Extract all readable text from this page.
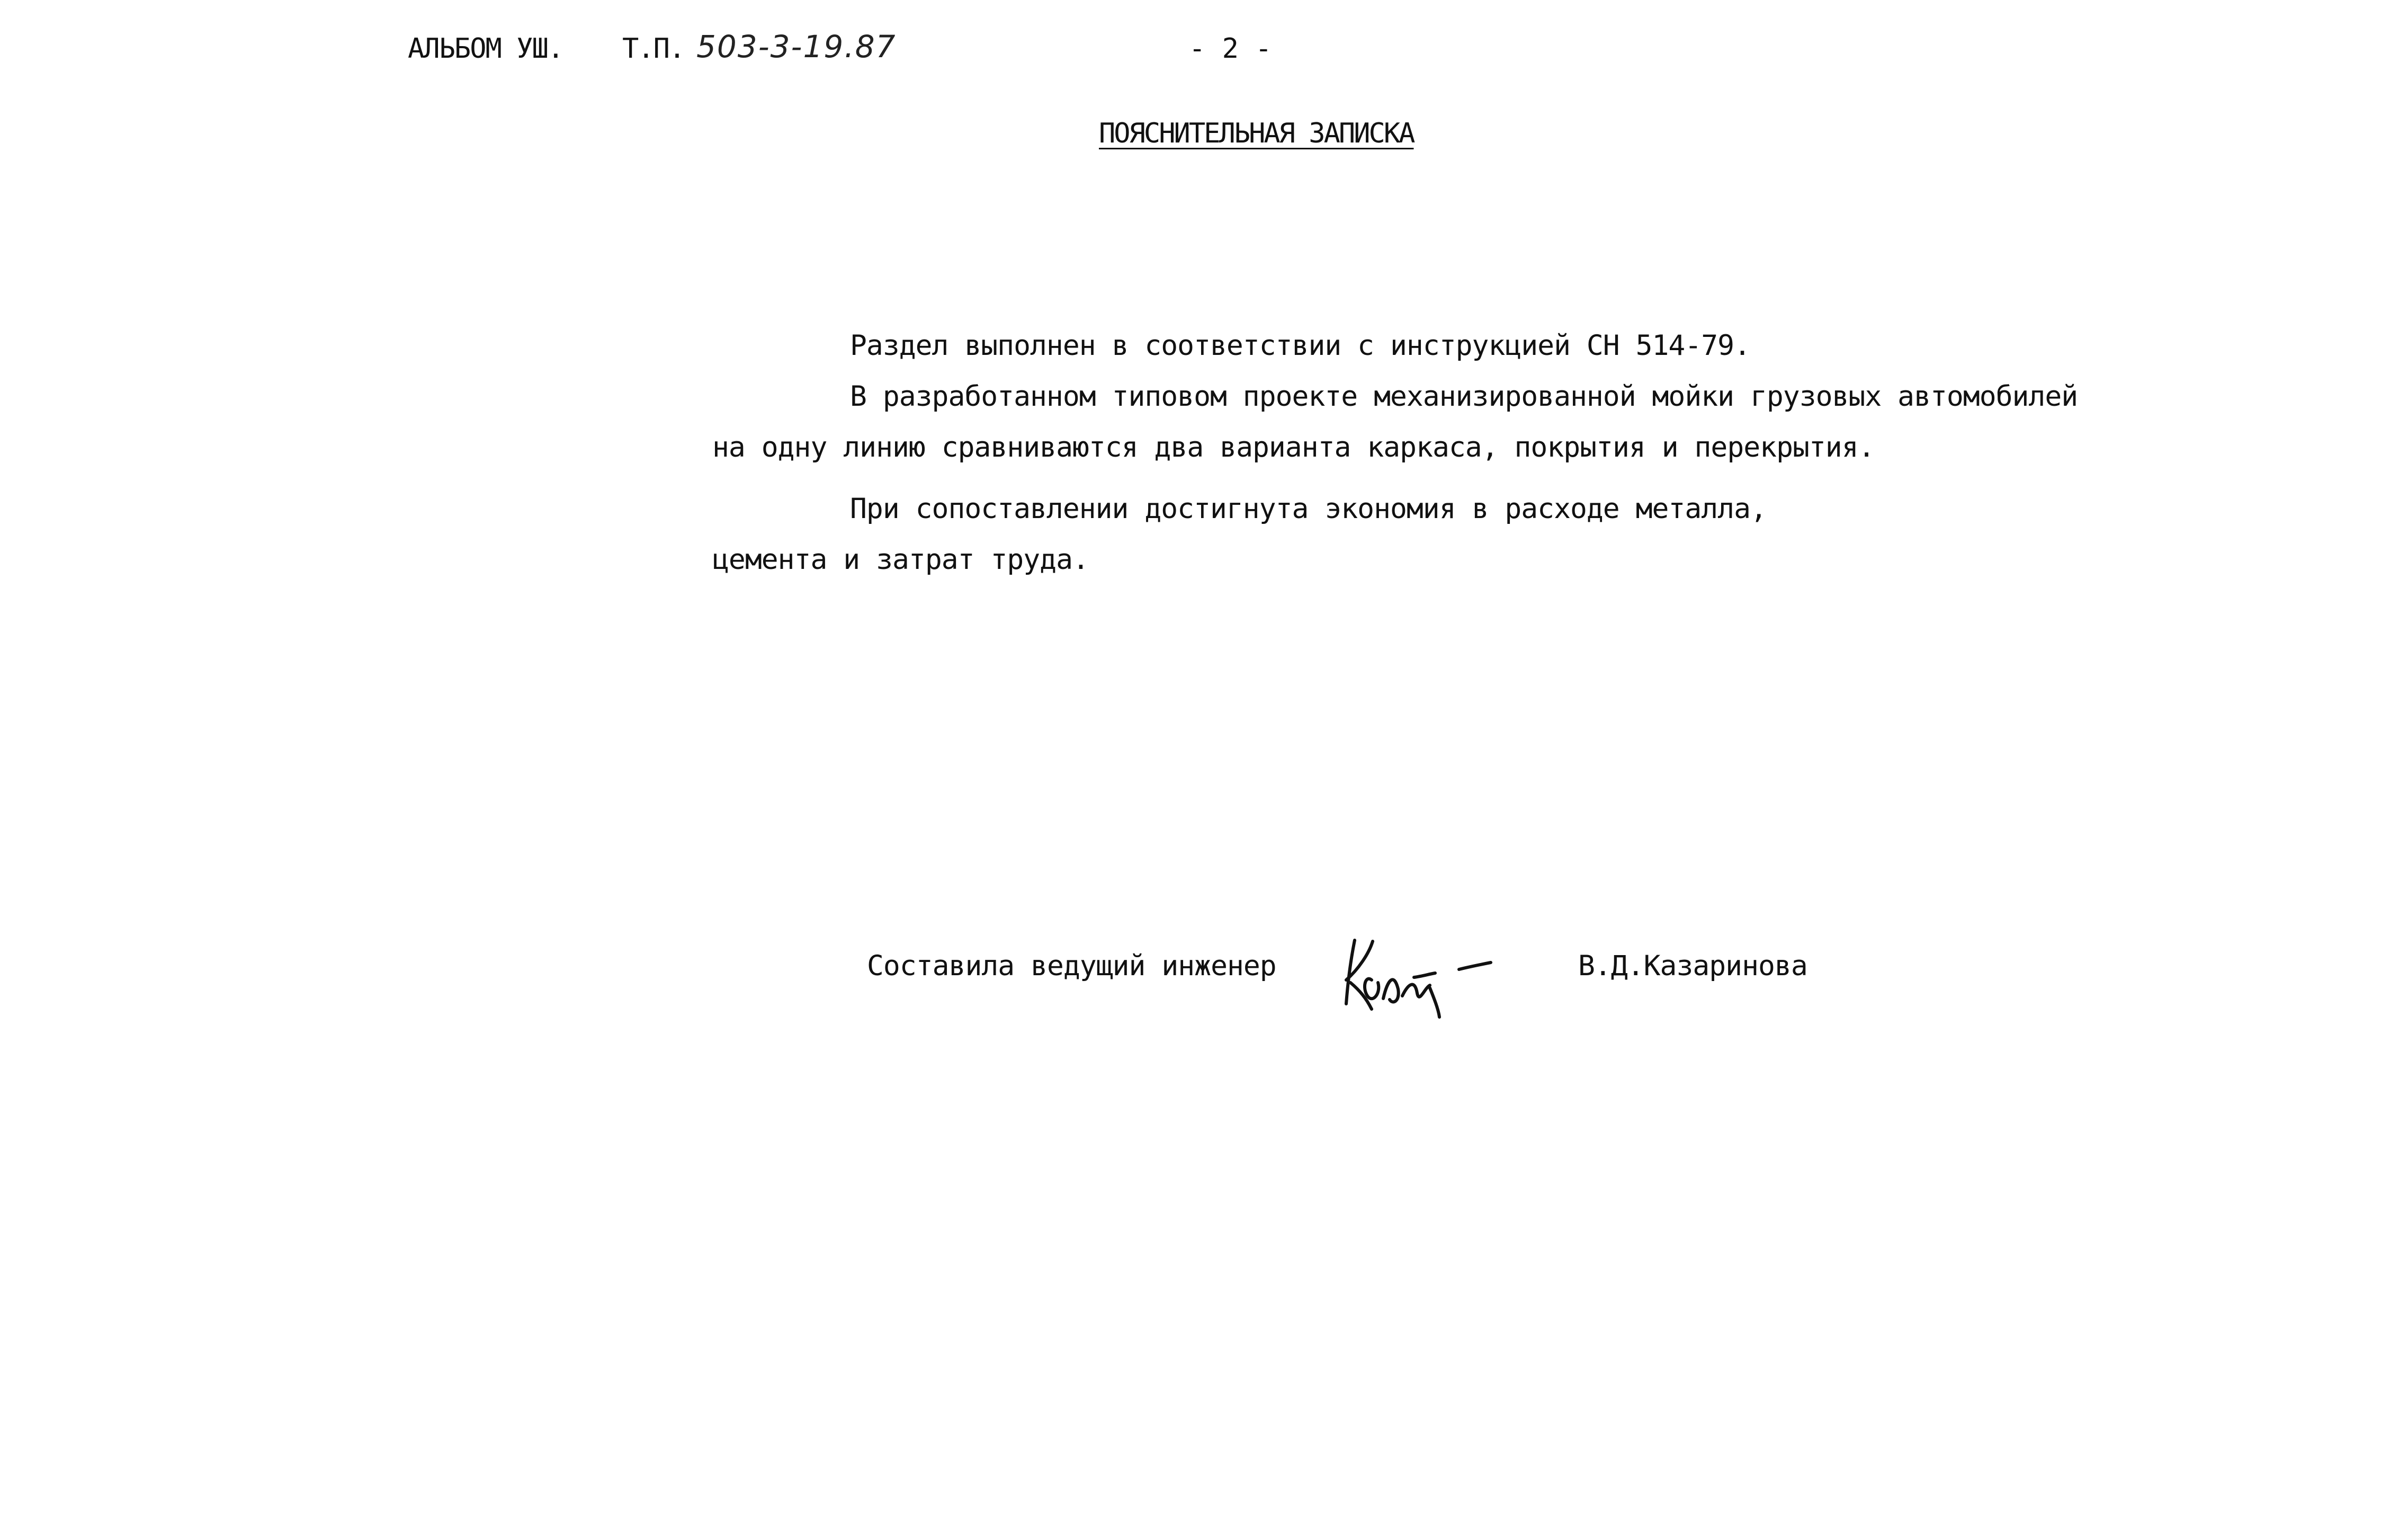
АЛЬБОМ УШ. Т.П. 503-3-19.87	- 2 -
ПОЯСНИТЕЛЬНАЯ ЗАПИСКА
Раздел выполнен в соответствии с инструкцией СН 514-79.
В разработанном типовом проекте механизированной мойки грузовых автомобилей
на одну линию сравниваются два варианта каркаса, покрытия и перекрытия.
При сопоставлении достигнута экономия в расходе металла,
цемента и затрат труда.
Составила ведущий инженер	В.Д.Казаринова
